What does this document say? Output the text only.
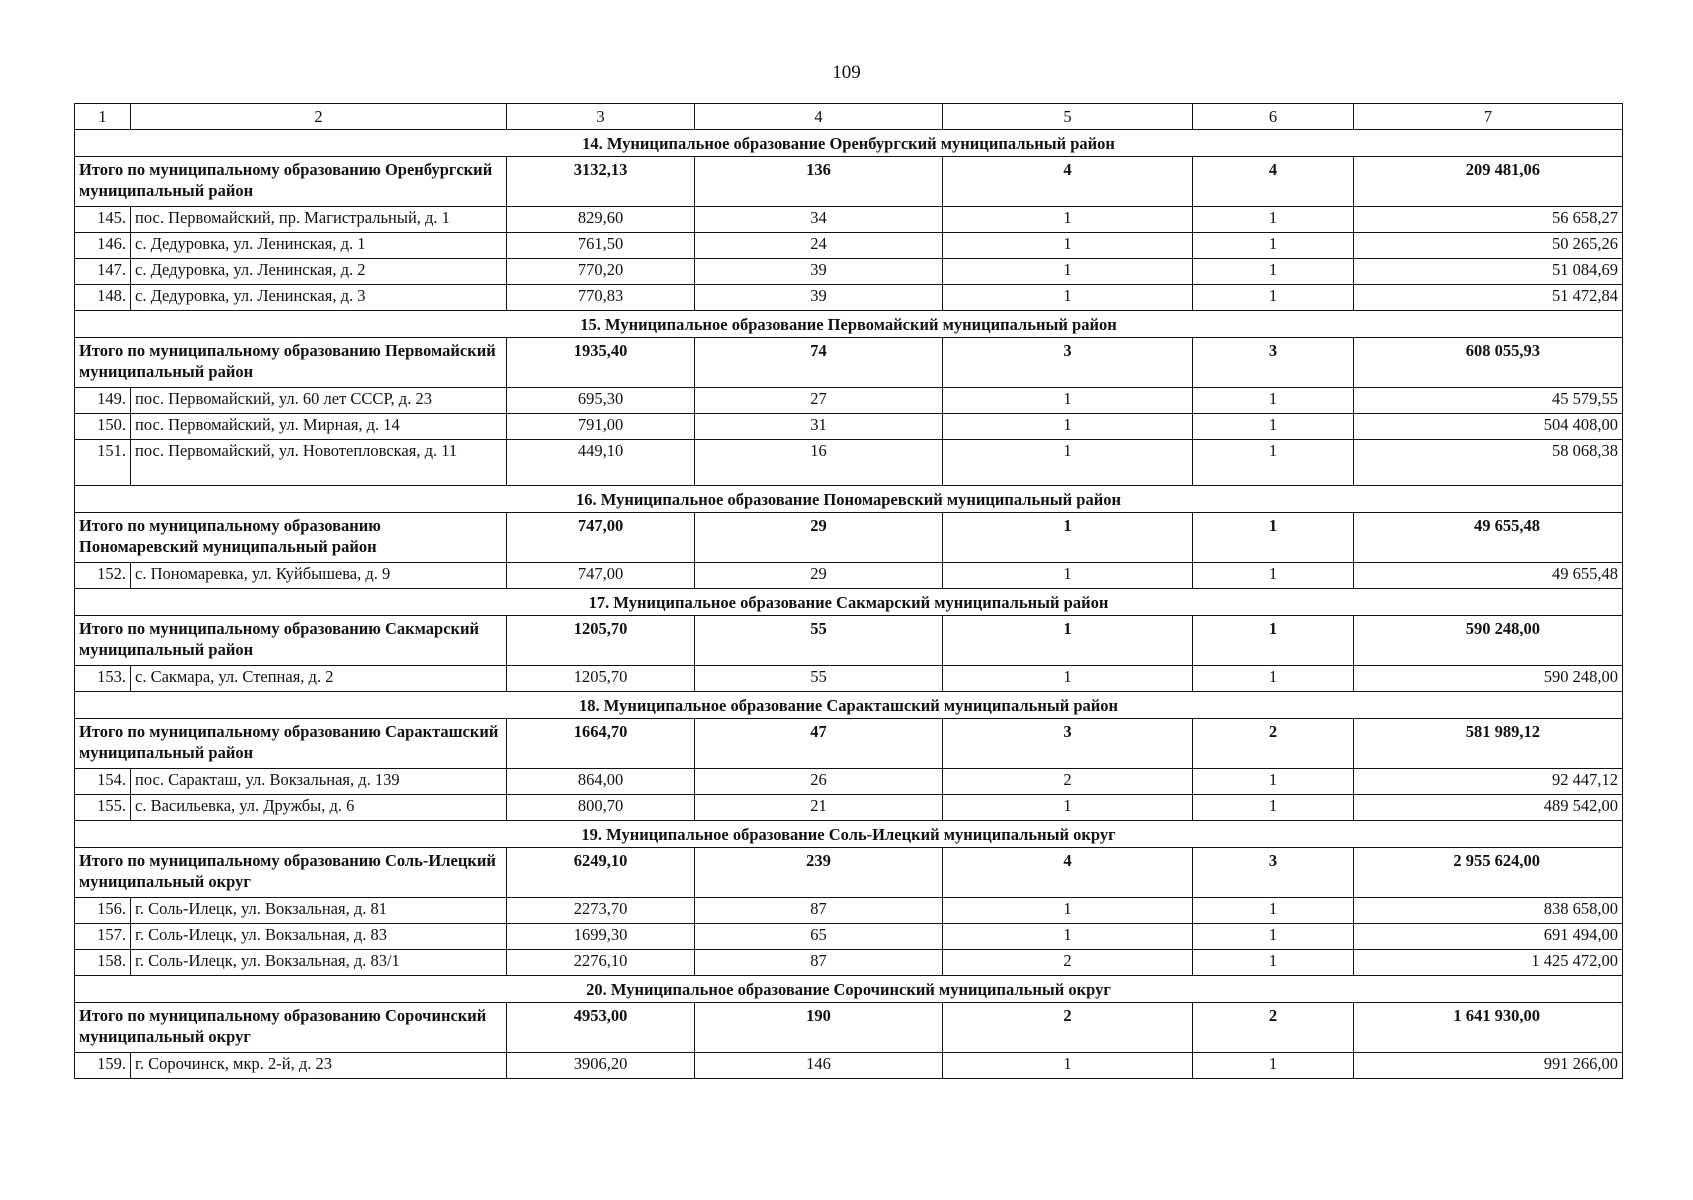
109
1	2	3	4	5	6	7
14. Муниципальное образование Оренбургский муниципальный район						
Итого по муниципальному образованию Оренбургский муниципальный район		3132,13	136	4	4	209 481,06
145.	пос. Первомайский, пр. Магистральный, д. 1	829,60	34	1	1	56 658,27
146.	с. Дедуровка, ул. Ленинская, д. 1	761,50	24	1	1	50 265,26
147.	с. Дедуровка, ул. Ленинская, д. 2	770,20	39	1	1	51 084,69
148.	с. Дедуровка, ул. Ленинская, д. 3	770,83	39	1	1	51 472,84
15. Муниципальное образование Первомайский муниципальный район						
Итого по муниципальному образованию Первомайский муниципальный район		1935,40	74	3	3	608 055,93
149.	пос. Первомайский, ул. 60 лет СССР, д. 23	695,30	27	1	1	45 579,55
150.	пос. Первомайский, ул. Мирная, д. 14	791,00	31	1	1	504 408,00
151.	пос. Первомайский, ул. Новотепловская, д. 11	449,10	16	1	1	58 068,38
16. Муниципальное образование Пономаревский муниципальный район						
Итого по муниципальному образованию Пономаревский муниципальный район		747,00	29	1	1	49 655,48
152.	с. Пономаревка, ул. Куйбышева, д. 9	747,00	29	1	1	49 655,48
17. Муниципальное образование Сакмарский муниципальный район						
Итого по муниципальному образованию Сакмарский муниципальный район		1205,70	55	1	1	590 248,00
153.	с. Сакмара, ул. Степная, д. 2	1205,70	55	1	1	590 248,00
18. Муниципальное образование Саракташский муниципальный район						
Итого по муниципальному образованию Саракташский муниципальный район		1664,70	47	3	2	581 989,12
154.	пос. Саракташ, ул. Вокзальная, д. 139	864,00	26	2	1	92 447,12
155.	с. Васильевка, ул. Дружбы, д. 6	800,70	21	1	1	489 542,00
19. Муниципальное образование Соль-Илецкий муниципальный округ						
Итого по муниципальному образованию Соль-Илецкий муниципальный округ		6249,10	239	4	3	2 955 624,00
156.	г. Соль-Илецк, ул. Вокзальная, д. 81	2273,70	87	1	1	838 658,00
157.	г. Соль-Илецк, ул. Вокзальная, д. 83	1699,30	65	1	1	691 494,00
158.	г. Соль-Илецк, ул. Вокзальная, д. 83/1	2276,10	87	2	1	1 425 472,00
20. Муниципальное образование Сорочинский муниципальный округ						
Итого по муниципальному образованию Сорочинский муниципальный округ		4953,00	190	2	2	1 641 930,00
159.	г. Сорочинск, мкр. 2-й, д. 23	3906,20	146	1	1	991 266,00
